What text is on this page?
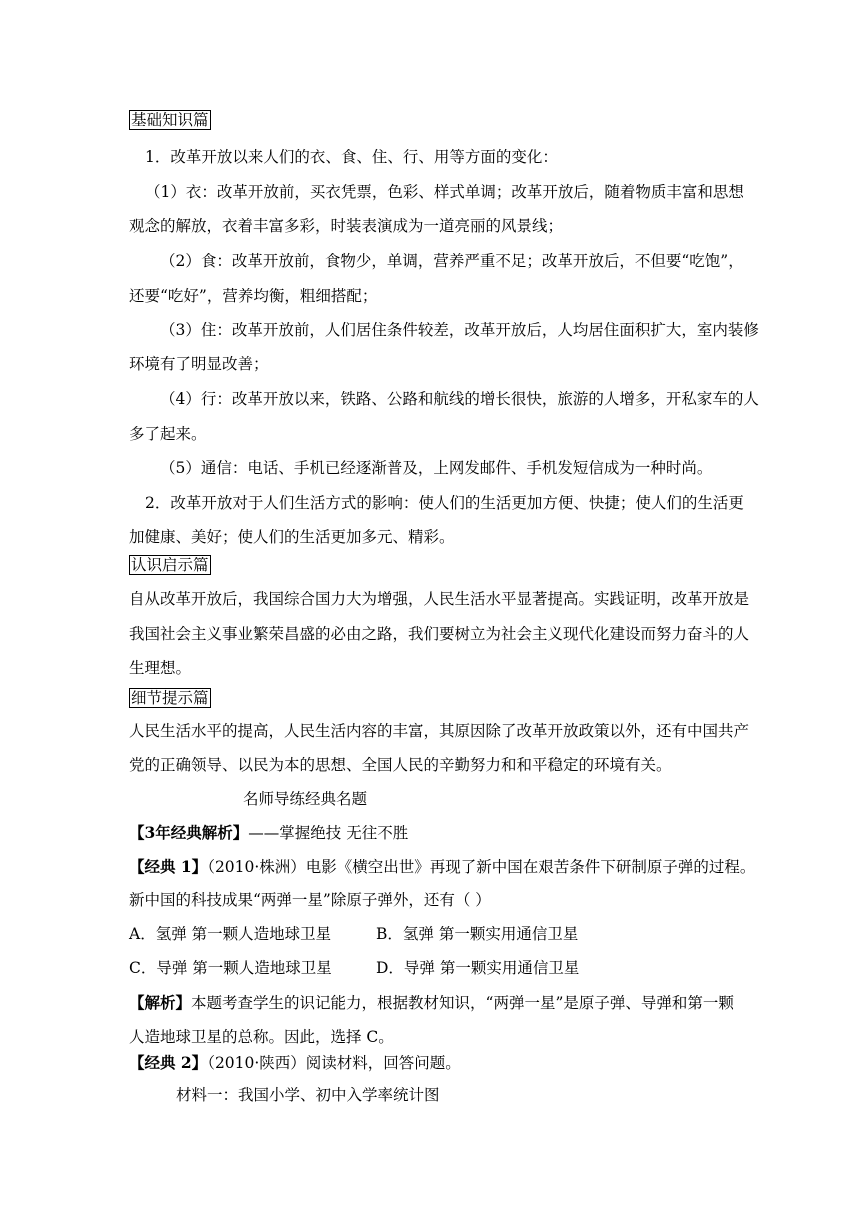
基础知识篇
1．改革开放以来人们的衣、食、住、行、用等方面的变化：
（1）衣：改革开放前，买衣凭票，色彩、样式单调；改革开放后，随着物质丰富和思想
观念的解放，衣着丰富多彩，时装表演成为一道亮丽的风景线；
（2）食：改革开放前，食物少，单调，营养严重不足；改革开放后，不但要“吃饱”，
还要“吃好”，营养均衡，粗细搭配；
（3）住：改革开放前，人们居住条件较差，改革开放后，人均居住面积扩大，室内装修
环境有了明显改善；
（4）行：改革开放以来，铁路、公路和航线的增长很快，旅游的人增多，开私家车的人
多了起来。
（5）通信：电话、手机已经逐渐普及，上网发邮件、手机发短信成为一种时尚。
2．改革开放对于人们生活方式的影响：使人们的生活更加方便、快捷；使人们的生活更
加健康、美好；使人们的生活更加多元、精彩。
认识启示篇
自从改革开放后，我国综合国力大为增强，人民生活水平显著提高。实践证明，改革开放是
我国社会主义事业繁荣昌盛的必由之路，我们要树立为社会主义现代化建设而努力奋斗的人
生理想。
细节提示篇
人民生活水平的提高，人民生活内容的丰富，其原因除了改革开放政策以外，还有中国共产
党的正确领导、以民为本的思想、全国人民的辛勤努力和和平稳定的环境有关。
名师导练经典名题
【3年经典解析】——掌握绝技 无往不胜
【经典 1】（2010·株洲）电影《横空出世》再现了新中国在艰苦条件下研制原子弹的过程。
新中国的科技成果“两弹一星”除原子弹外，还有（ ）
A．氢弹 第一颗人造地球卫星	B．氢弹 第一颗实用通信卫星
C．导弹 第一颗人造地球卫星	D．导弹 第一颗实用通信卫星
【解析】本题考查学生的识记能力，根据教材知识，“两弹一星”是原子弹、导弹和第一颗
人造地球卫星的总称。因此，选择 C。
【经典 2】（2010·陕西）阅读材料，回答问题。
材料一：我国小学、初中入学率统计图
